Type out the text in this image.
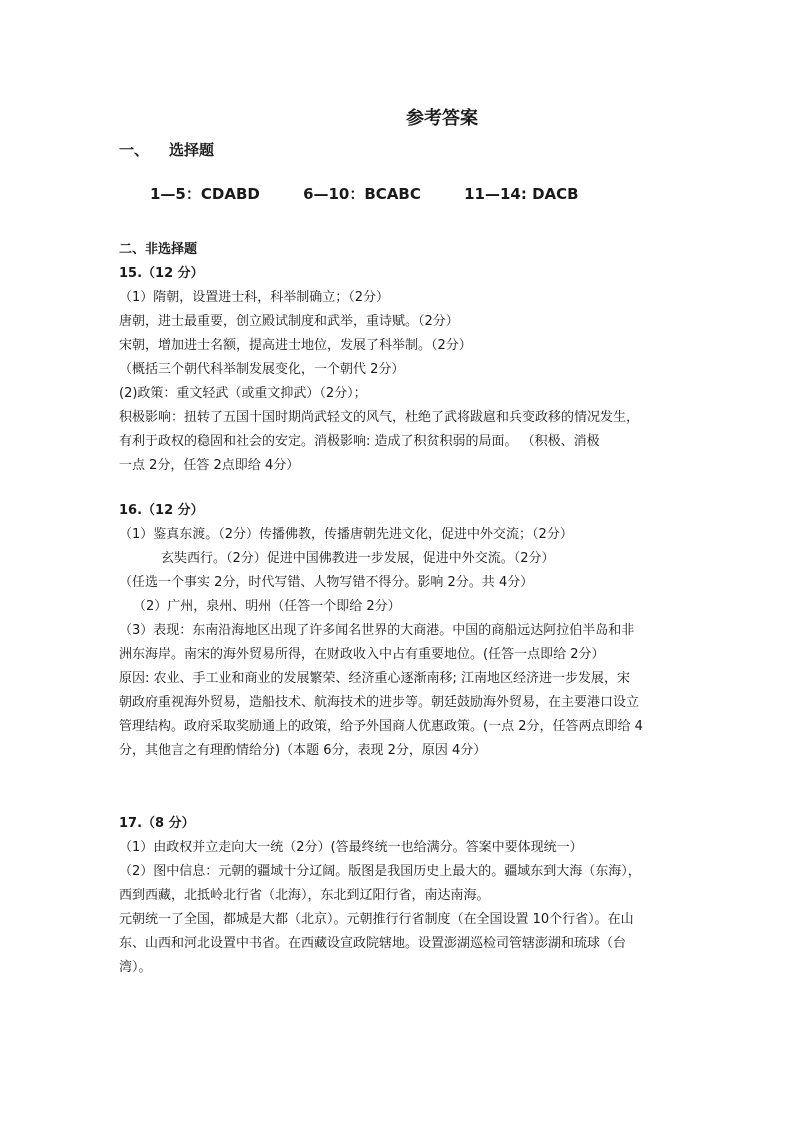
参考答案
一、 选择题
1—5：CDABD	6—10：BCABC	11—14: DACB
二、非选择题
15.（12 分）
（1）隋朝，设置进士科，科举制确立；（2分）
唐朝，进士最重要，创立殿试制度和武举，重诗赋。（2分）
宋朝，增加进士名额，提高进士地位，发展了科举制。（2分）
（概括三个朝代科举制发展变化，一个朝代 2分）
(2)政策：重文轻武（或重文抑武）（2分）；
积极影响：扭转了五国十国时期尚武轻文的风气，杜绝了武将跋扈和兵变政移的情况发生，
有利于政权的稳固和社会的安定。消极影响: 造成了积贫积弱的局面。 （积极、消极
一点 2分，任答 2点即给 4分）
16.（12 分）
（1）鉴真东渡。（2分）传播佛教，传播唐朝先进文化，促进中外交流；（2分）
玄奘西行。（2分）促进中国佛教进一步发展，促进中外交流。（2分）
（任选一个事实 2分，时代写错、人物写错不得分。影响 2分。共 4分）
（2）广州，泉州、明州（任答一个即给 2分）
（3）表现：东南沿海地区出现了许多闻名世界的大商港。中国的商船远达阿拉伯半岛和非
洲东海岸。南宋的海外贸易所得，在财政收入中占有重要地位。(任答一点即给 2分）
原因: 农业、手工业和商业的发展繁荣、经济重心逐渐南移; 江南地区经济进一步发展，宋
朝政府重视海外贸易，造船技术、航海技术的进步等。朝廷鼓励海外贸易，在主要港口设立
管理结构。政府采取奖励通上的政策，给予外国商人优惠政策。(一点 2分，任答两点即给 4
分，其他言之有理酌情给分)（本题 6分，表现 2分，原因 4分）
17.（8 分）
（1）由政权并立走向大一统（2分）(答最终统一也给满分。答案中要体现统一）
（2）图中信息：元朝的疆域十分辽阔。版图是我国历史上最大的。疆域东到大海（东海），
西到西藏，北抵岭北行省（北海），东北到辽阳行省，南达南海。
元朝统一了全国，都城是大都（北京）。元朝推行行省制度（在全国设置 10个行省）。在山
东、山西和河北设置中书省。在西藏设宣政院辖地。设置澎湖巡检司管辖澎湖和琉球（台
湾）。
